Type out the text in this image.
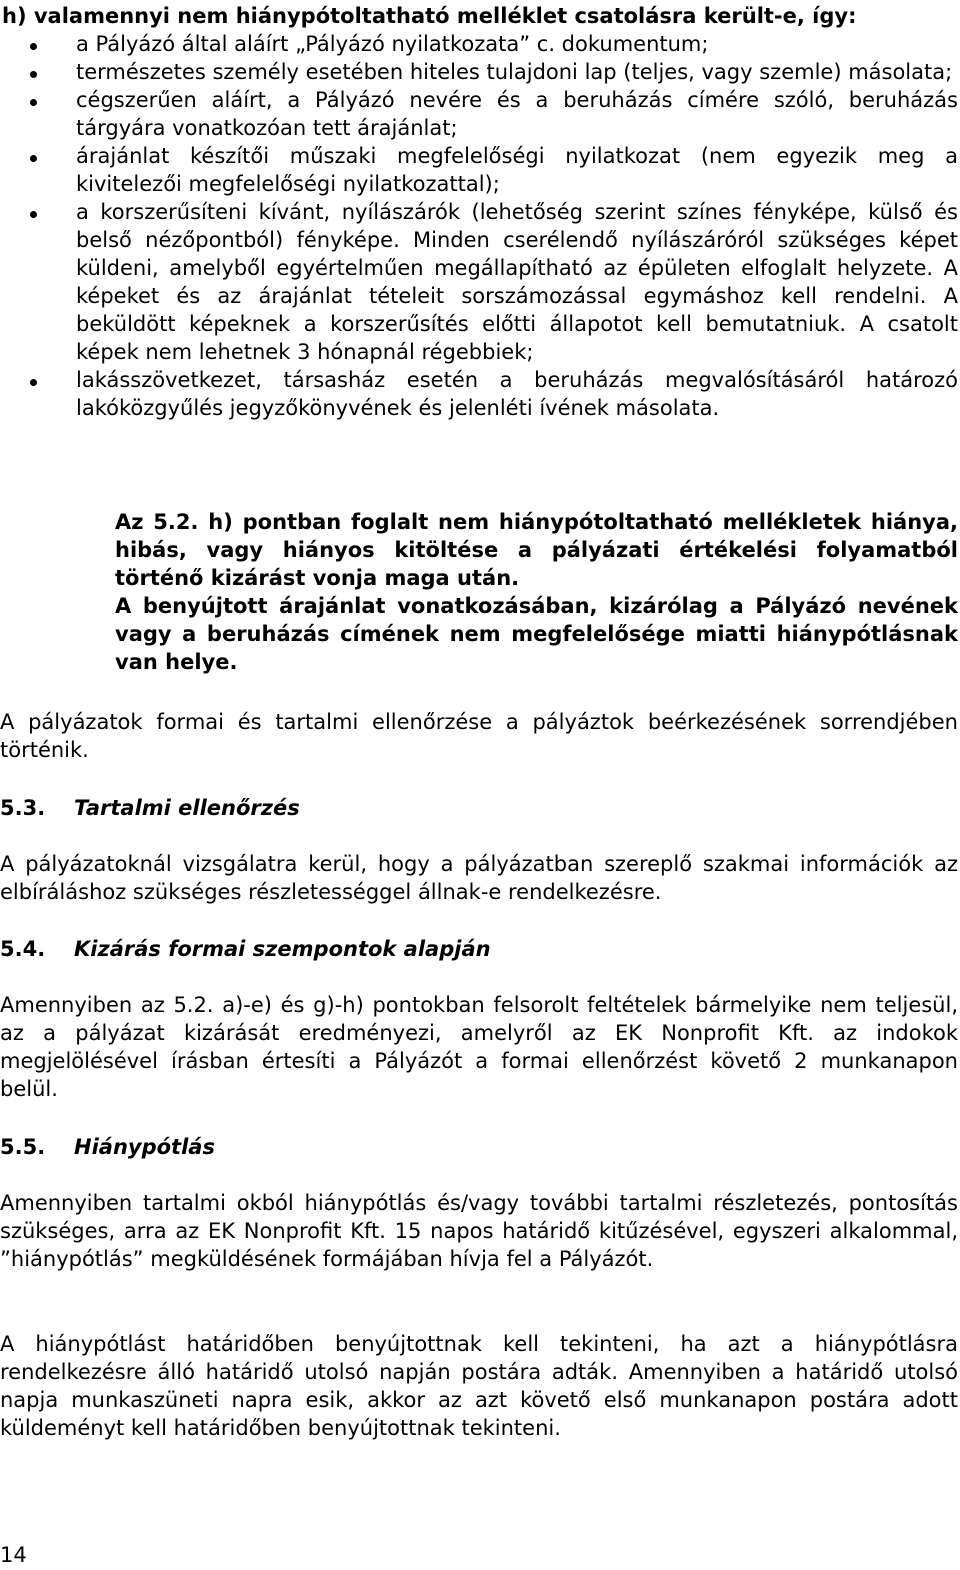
h) valamennyi nem hiánypótoltatható melléklet csatolásra került-e, így:
a Pályázó által aláírt „Pályázó nyilatkozata” c. dokumentum;
természetes személy esetében hiteles tulajdoni lap (teljes, vagy szemle) másolata;
cégszerűen aláírt, a Pályázó nevére és a beruházás címére szóló, beruházás tárgyára vonatkozóan tett árajánlat;
árajánlat készítői műszaki megfelelőségi nyilatkozat (nem egyezik meg a kivitelezői megfelelőségi nyilatkozattal);
a korszerűsíteni kívánt, nyílászárók (lehetőség szerint színes fényképe, külső és belső nézőpontból) fényképe. Minden cserélendő nyílászáróról szükséges képet küldeni, amelyből egyértelműen megállapítható az épületen elfoglalt helyzete. A képeket és az árajánlat tételeit sorszámozással egymáshoz kell rendelni. A beküldött képeknek a korszerűsítés előtti állapotot kell bemutatniuk. A csatolt képek nem lehetnek 3 hónapnál régebbiek;
lakásszövetkezet, társasház esetén a beruházás megvalósításáról határozó lakóközgyűlés jegyzőkönyvének és jelenléti ívének másolata.

Az 5.2. h) pontban foglalt nem hiánypótoltatható mellékletek hiánya, hibás, vagy hiányos kitöltése a pályázati értékelési folyamatból történő kizárást vonja maga után.

A benyújtott árajánlat vonatkozásában, kizárólag a Pályázó nevének vagy a beruházás címének nem megfelelősége miatti hiánypótlásnak van helye.

A pályázatok formai és tartalmi ellenőrzése a pályáztok beérkezésének sorrendjében történik.

5.3. Tartalmi ellenőrzés

A pályázatoknál vizsgálatra kerül, hogy a pályázatban szereplő szakmai információk az elbíráláshoz szükséges részletességgel állnak-e rendelkezésre.

5.4. Kizárás formai szempontok alapján

Amennyiben az 5.2. a)-e) és g)-h) pontokban felsorolt feltételek bármelyike nem teljesül, az a pályázat kizárását eredményezi, amelyről az EK Nonprofit Kft. az indokok megjelölésével írásban értesíti a Pályázót a formai ellenőrzést követő 2 munkanapon belül.

5.5. Hiánypótlás

Amennyiben tartalmi okból hiánypótlás és/vagy további tartalmi részletezés, pontosítás szükséges, arra az EK Nonprofit Kft. 15 napos határidő kitűzésével, egyszeri alkalommal, ”hiánypótlás” megküldésének formájában hívja fel a Pályázót.

A hiánypótlást határidőben benyújtottnak kell tekinteni, ha azt a hiánypótlásra rendelkezésre álló határidő utolsó napján postára adták. Amennyiben a határidő utolsó napja munkaszüneti napra esik, akkor az azt követő első munkanapon postára adott küldeményt kell határidőben benyújtottnak tekinteni.

14
